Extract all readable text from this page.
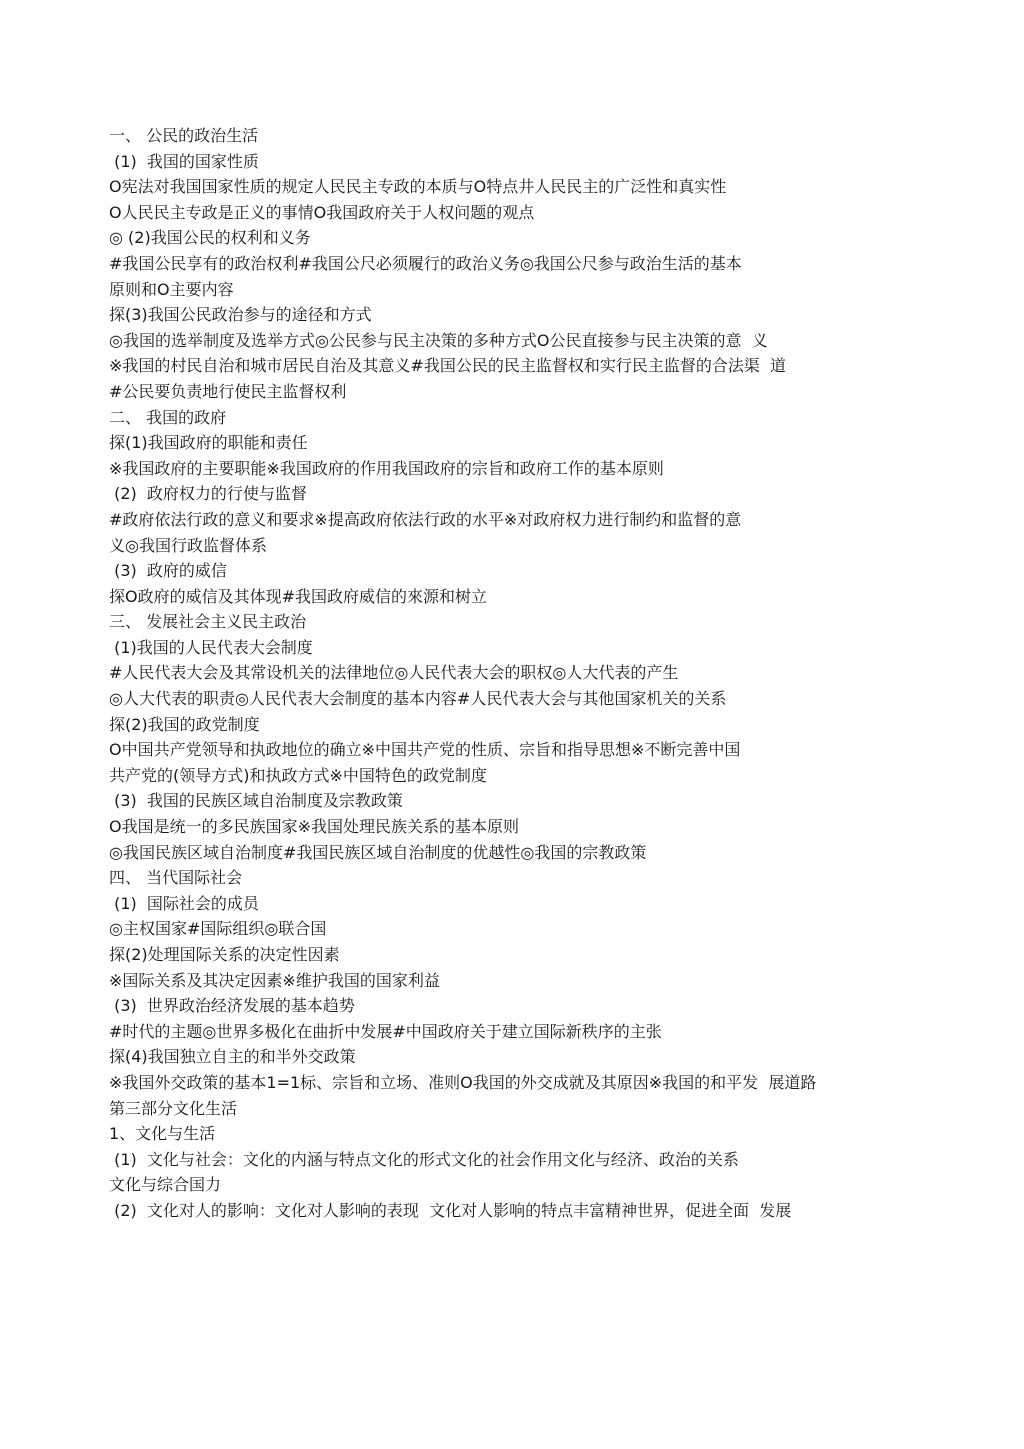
一、 公民的政治生活
(1)  我国的国家性质
O宪法对我国国家性质的规定人民民主专政的本质与O特点井人民民主的广泛性和真实性
O人民民主专政是正义的事情O我国政府关于人权问题的观点
◎ (2)我国公民的权利和义务
#我国公民享有的政治权利#我国公尺必须履行的政治义务◎我国公尺参与政治生活的基本
原则和O主要内容
探(3)我国公民政治参与的途径和方式
◎我国的选举制度及选举方式◎公民参与民主决策的多种方式O公民直接参与民主决策的意  义
※我国的村民自治和城市居民自治及其意义#我国公民的民主监督权和实行民主监督的合法渠  道
#公民要负责地行使民主监督权利
二、 我国的政府
探(1)我国政府的职能和责任
※我国政府的主要职能※我国政府的作用我国政府的宗旨和政府工作的基本原则
(2)  政府权力的行使与监督
#政府依法行政的意义和要求※提高政府依法行政的水平※对政府权力进行制约和监督的意
义◎我国行政监督体系
(3)  政府的威信
探O政府的威信及其体现#我国政府威信的來源和树立
三、 发展社会主义民主政治
(1)我国的人民代表大会制度
#人民代表大会及其常设机关的法律地位◎人民代表大会的职权◎人大代表的产生
◎人大代表的职责◎人民代表大会制度的基本内容#人民代表大会与其他国家机关的关系
探(2)我国的政党制度
O中国共产党领导和执政地位的确立※中国共产党的性质、宗旨和指导思想※不断完善中国
共产党的(领导方式)和执政方式※中国特色的政党制度
(3)  我国的民族区域自治制度及宗教政策
O我国是统一的多民族国家※我国处理民族关系的基本原则
◎我国民族区域自治制度#我国民族区域自治制度的优越性◎我国的宗教政策
四、 当代国际社会
(1)  国际社会的成员
◎主权国家#国际组织◎联合国
探(2)处理国际关系的决定性因素
※国际关系及其决定因素※维护我国的国家利益
(3)  世界政治经济发展的基本趋势
#时代的主题◎世界多极化在曲折中发展#中国政府关于建立国际新秩序的主张
探(4)我国独立自主的和半外交政策
※我国外交政策的基本1=1标、宗旨和立场、准则O我国的外交成就及其原因※我国的和平发  展道路
第三部分文化生活
1、文化与生活
(1)  文化与社会：文化的内涵与特点文化的形式文化的社会作用文化与经济、政治的关系
文化与综合国力
(2)  文化对人的影响：文化对人影响的表现  文化对人影响的特点丰富精神世界，促进全面  发展
